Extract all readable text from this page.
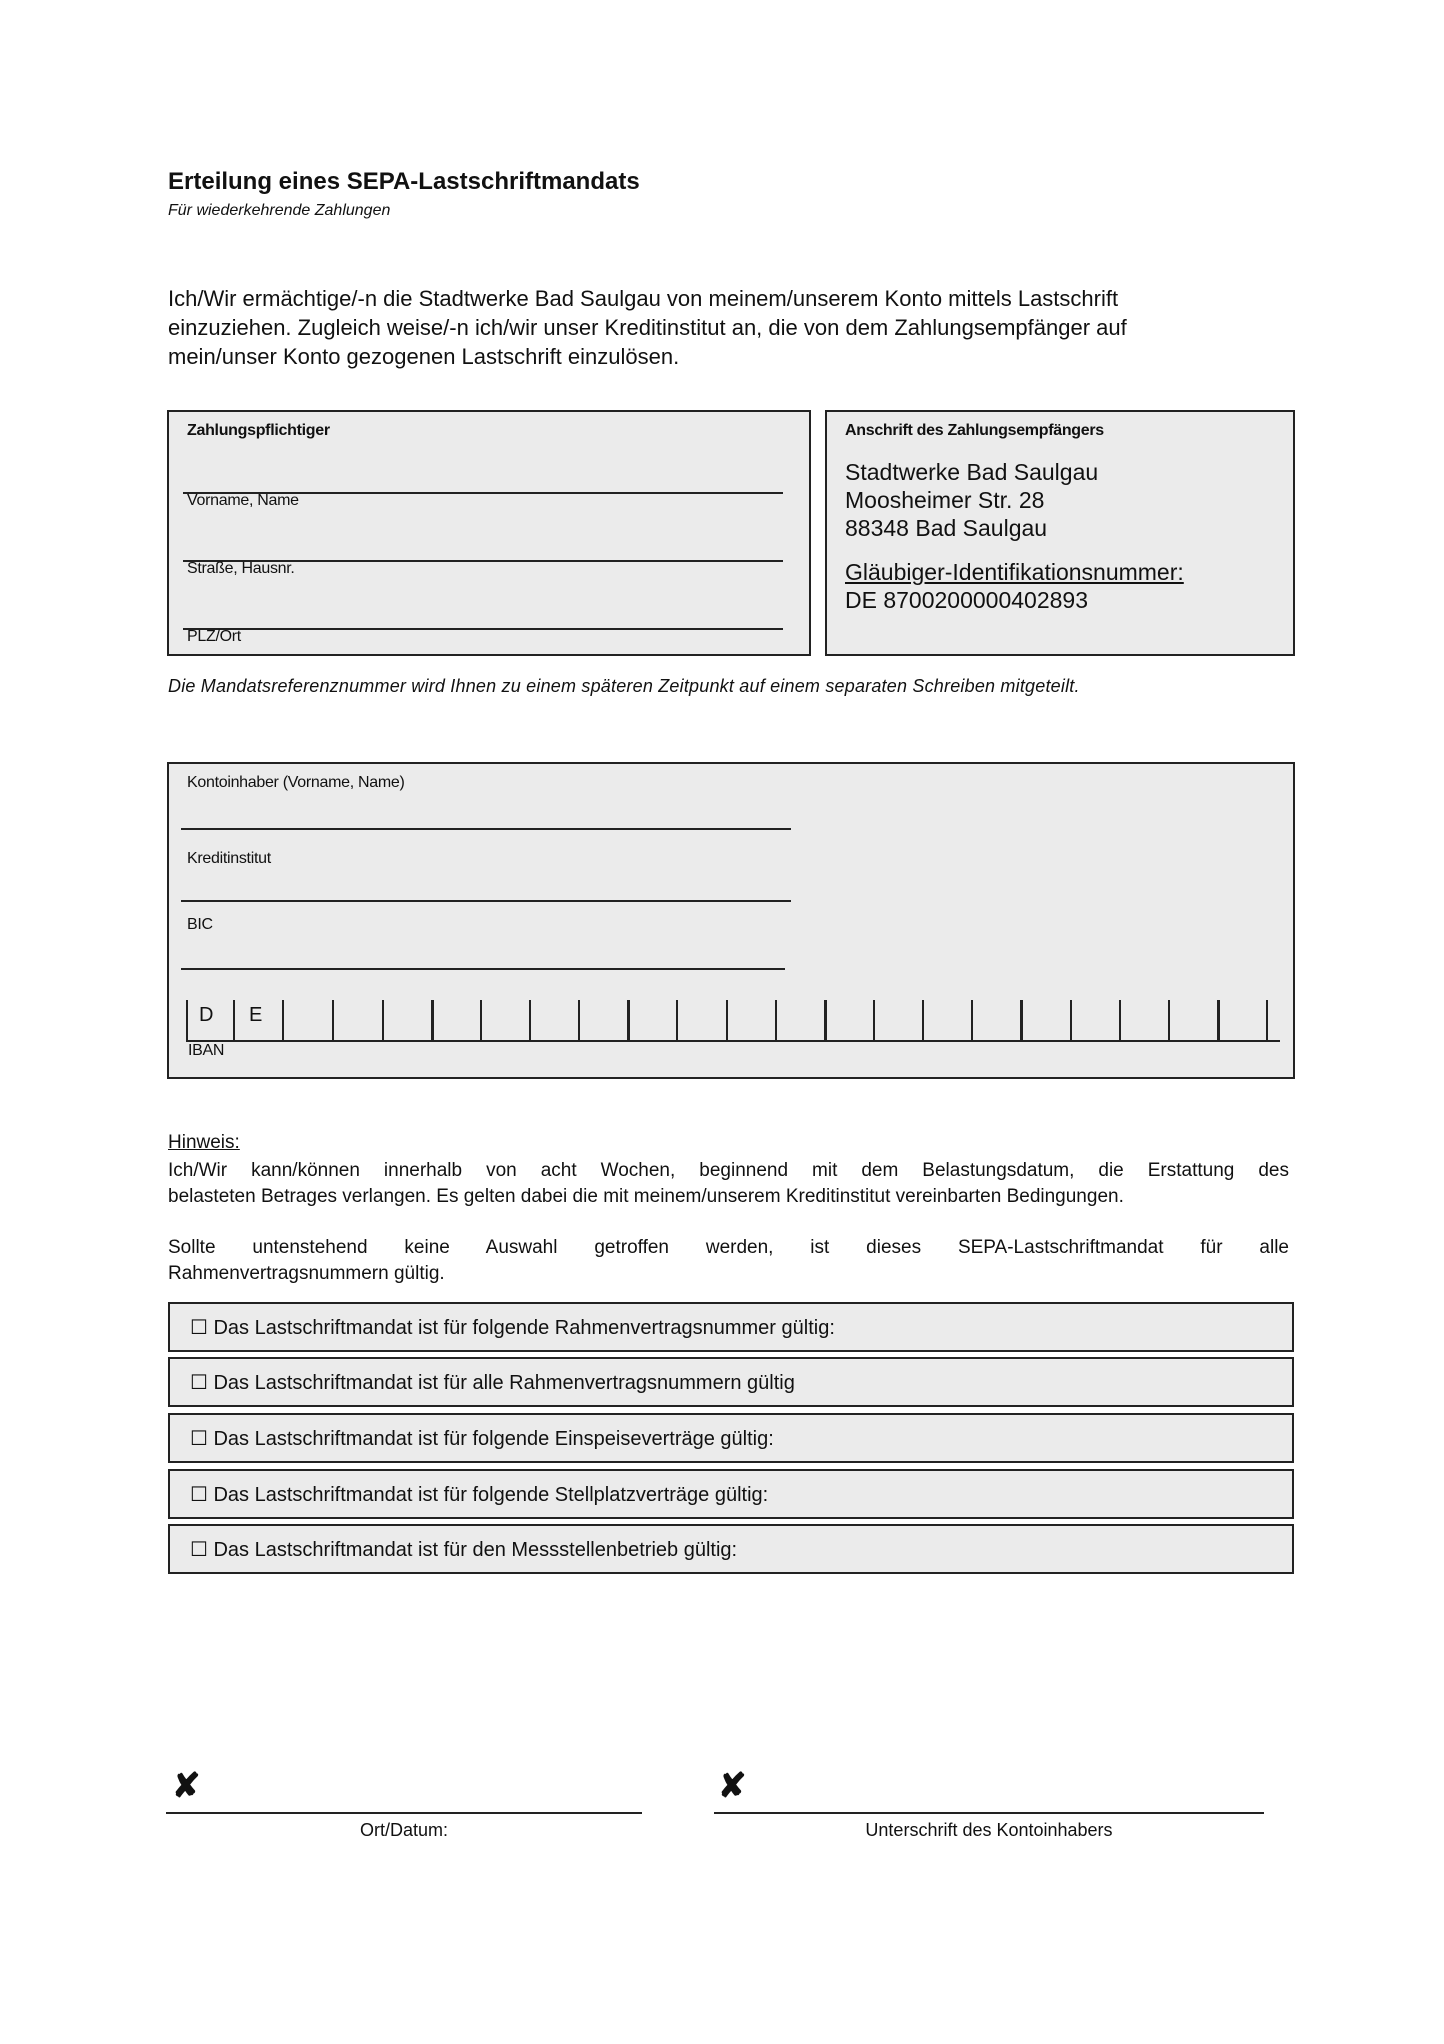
Erteilung eines SEPA-Lastschriftmandats
Für wiederkehrende Zahlungen
Ich/Wir ermächtige/-n die Stadtwerke Bad Saulgau von meinem/unserem Konto mittels Lastschrift
einzuziehen. Zugleich weise/-n ich/wir unser Kreditinstitut an, die von dem Zahlungsempfänger auf
mein/unser Konto gezogenen Lastschrift einzulösen.
Zahlungspflichtiger
Vorname, Name
Straße, Hausnr.
PLZ/Ort
Anschrift des Zahlungsempfängers
Stadtwerke Bad Saulgau
Moosheimer Str. 28
88348 Bad Saulgau
Gläubiger-Identifikationsnummer:
DE 8700200000402893
Die Mandatsreferenznummer wird Ihnen zu einem späteren Zeitpunkt auf einem separaten Schreiben mitgeteilt.
Kontoinhaber (Vorname, Name)
Kreditinstitut
BIC
D E
IBAN
Hinweis:
Ich/Wir kann/können innerhalb von acht Wochen, beginnend mit dem Belastungsdatum, die Erstattung des
belasteten Betrages verlangen. Es gelten dabei die mit meinem/unserem Kreditinstitut vereinbarten Bedingungen.
Sollte untenstehend keine Auswahl getroffen werden, ist dieses SEPA-Lastschriftmandat für alle
Rahmenvertragsnummern gültig.
☐ Das Lastschriftmandat ist für folgende Rahmenvertragsnummer gültig:
☐ Das Lastschriftmandat ist für alle Rahmenvertragsnummern gültig
☐ Das Lastschriftmandat ist für folgende Einspeiseverträge gültig:
☐ Das Lastschriftmandat ist für folgende Stellplatzverträge gültig:
☐ Das Lastschriftmandat ist für den Messstellenbetrieb gültig:
✘
Ort/Datum:
✘
Unterschrift des Kontoinhabers
